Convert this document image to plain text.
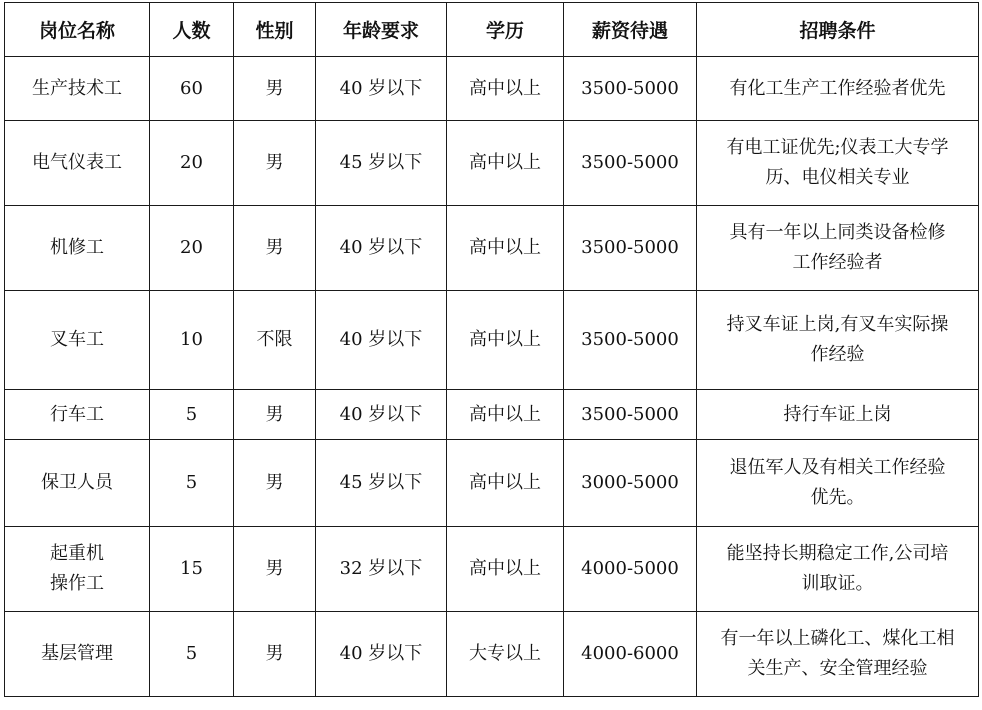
岗位名称	人数	性别	年龄要求	学历	薪资待遇	招聘条件

生产技术工	60	男	40 岁以下	高中以上	3500-5000	有化工生产工作经验者优先

电气仪表工	20	男	45 岁以下	高中以上	3500-5000	有电工证优先;仪表工大专学
历、电仪相关专业

机修工	20	男	40 岁以下	高中以上	3500-5000	具有一年以上同类设备检修
工作经验者

叉车工	10	不限	40 岁以下	高中以上	3500-5000	持叉车证上岗,有叉车实际操
作经验

行车工	5	男	40 岁以下	高中以上	3500-5000	持行车证上岗

保卫人员	5	男	45 岁以下	高中以上	3000-5000	退伍军人及有相关工作经验
优先。

起重机
操作工	15	男	32 岁以下	高中以上	4000-5000	能坚持长期稳定工作,公司培
训取证。

基层管理	5	男	40 岁以下	大专以上	4000-6000	有一年以上磷化工、煤化工相
关生产、安全管理经验
